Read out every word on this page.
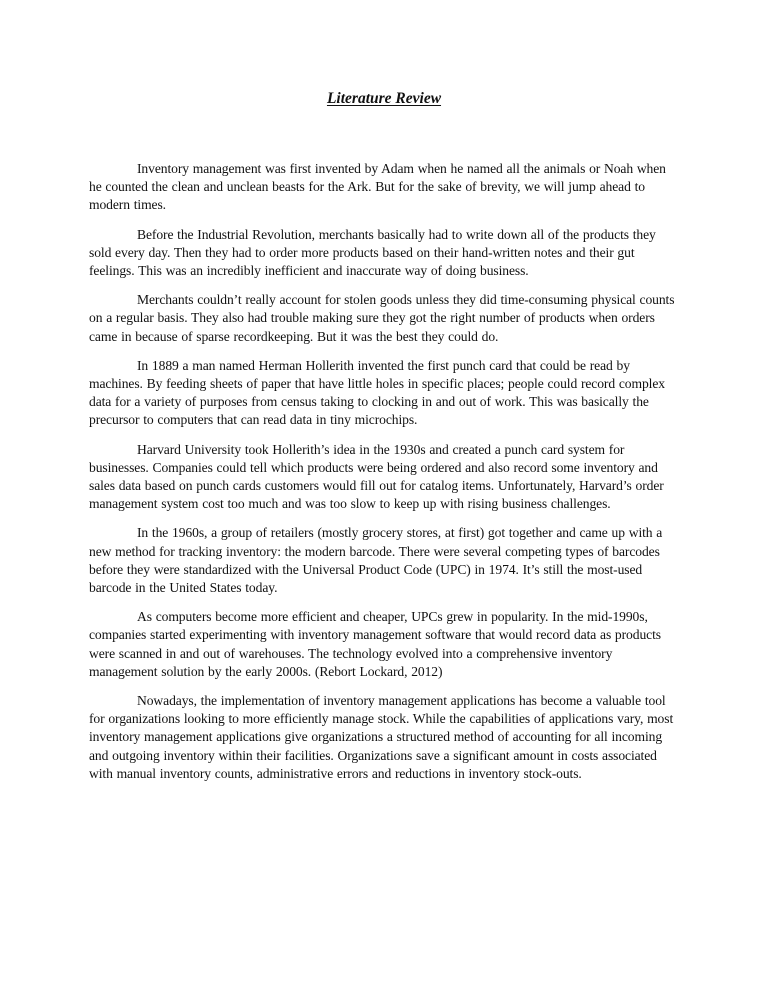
Literature Review

Inventory management was first invented by Adam when he named all the animals or Noah when he counted the clean and unclean beasts for the Ark. But for the sake of brevity, we will jump ahead to modern times.

Before the Industrial Revolution, merchants basically had to write down all of the products they sold every day. Then they had to order more products based on their hand-written notes and their gut feelings. This was an incredibly inefficient and inaccurate way of doing business.

Merchants couldn’t really account for stolen goods unless they did time-consuming physical counts on a regular basis. They also had trouble making sure they got the right number of products when orders came in because of sparse recordkeeping. But it was the best they could do.

In 1889 a man named Herman Hollerith invented the first punch card that could be read by machines. By feeding sheets of paper that have little holes in specific places; people could record complex data for a variety of purposes from census taking to clocking in and out of work. This was basically the precursor to computers that can read data in tiny microchips.

Harvard University took Hollerith’s idea in the 1930s and created a punch card system for businesses. Companies could tell which products were being ordered and also record some inventory and sales data based on punch cards customers would fill out for catalog items. Unfortunately, Harvard’s order management system cost too much and was too slow to keep up with rising business challenges.

In the 1960s, a group of retailers (mostly grocery stores, at first) got together and came up with a new method for tracking inventory: the modern barcode. There were several competing types of barcodes before they were standardized with the Universal Product Code (UPC) in 1974. It’s still the most-used barcode in the United States today.

As computers become more efficient and cheaper, UPCs grew in popularity. In the mid-1990s, companies started experimenting with inventory management software that would record data as products were scanned in and out of warehouses. The technology evolved into a comprehensive inventory management solution by the early 2000s. (Rebort Lockard, 2012)

Nowadays, the implementation of inventory management applications has become a valuable tool for organizations looking to more efficiently manage stock. While the capabilities of applications vary, most inventory management applications give organizations a structured method of accounting for all incoming and outgoing inventory within their facilities. Organizations save a significant amount in costs associated with manual inventory counts, administrative errors and reductions in inventory stock-outs.
